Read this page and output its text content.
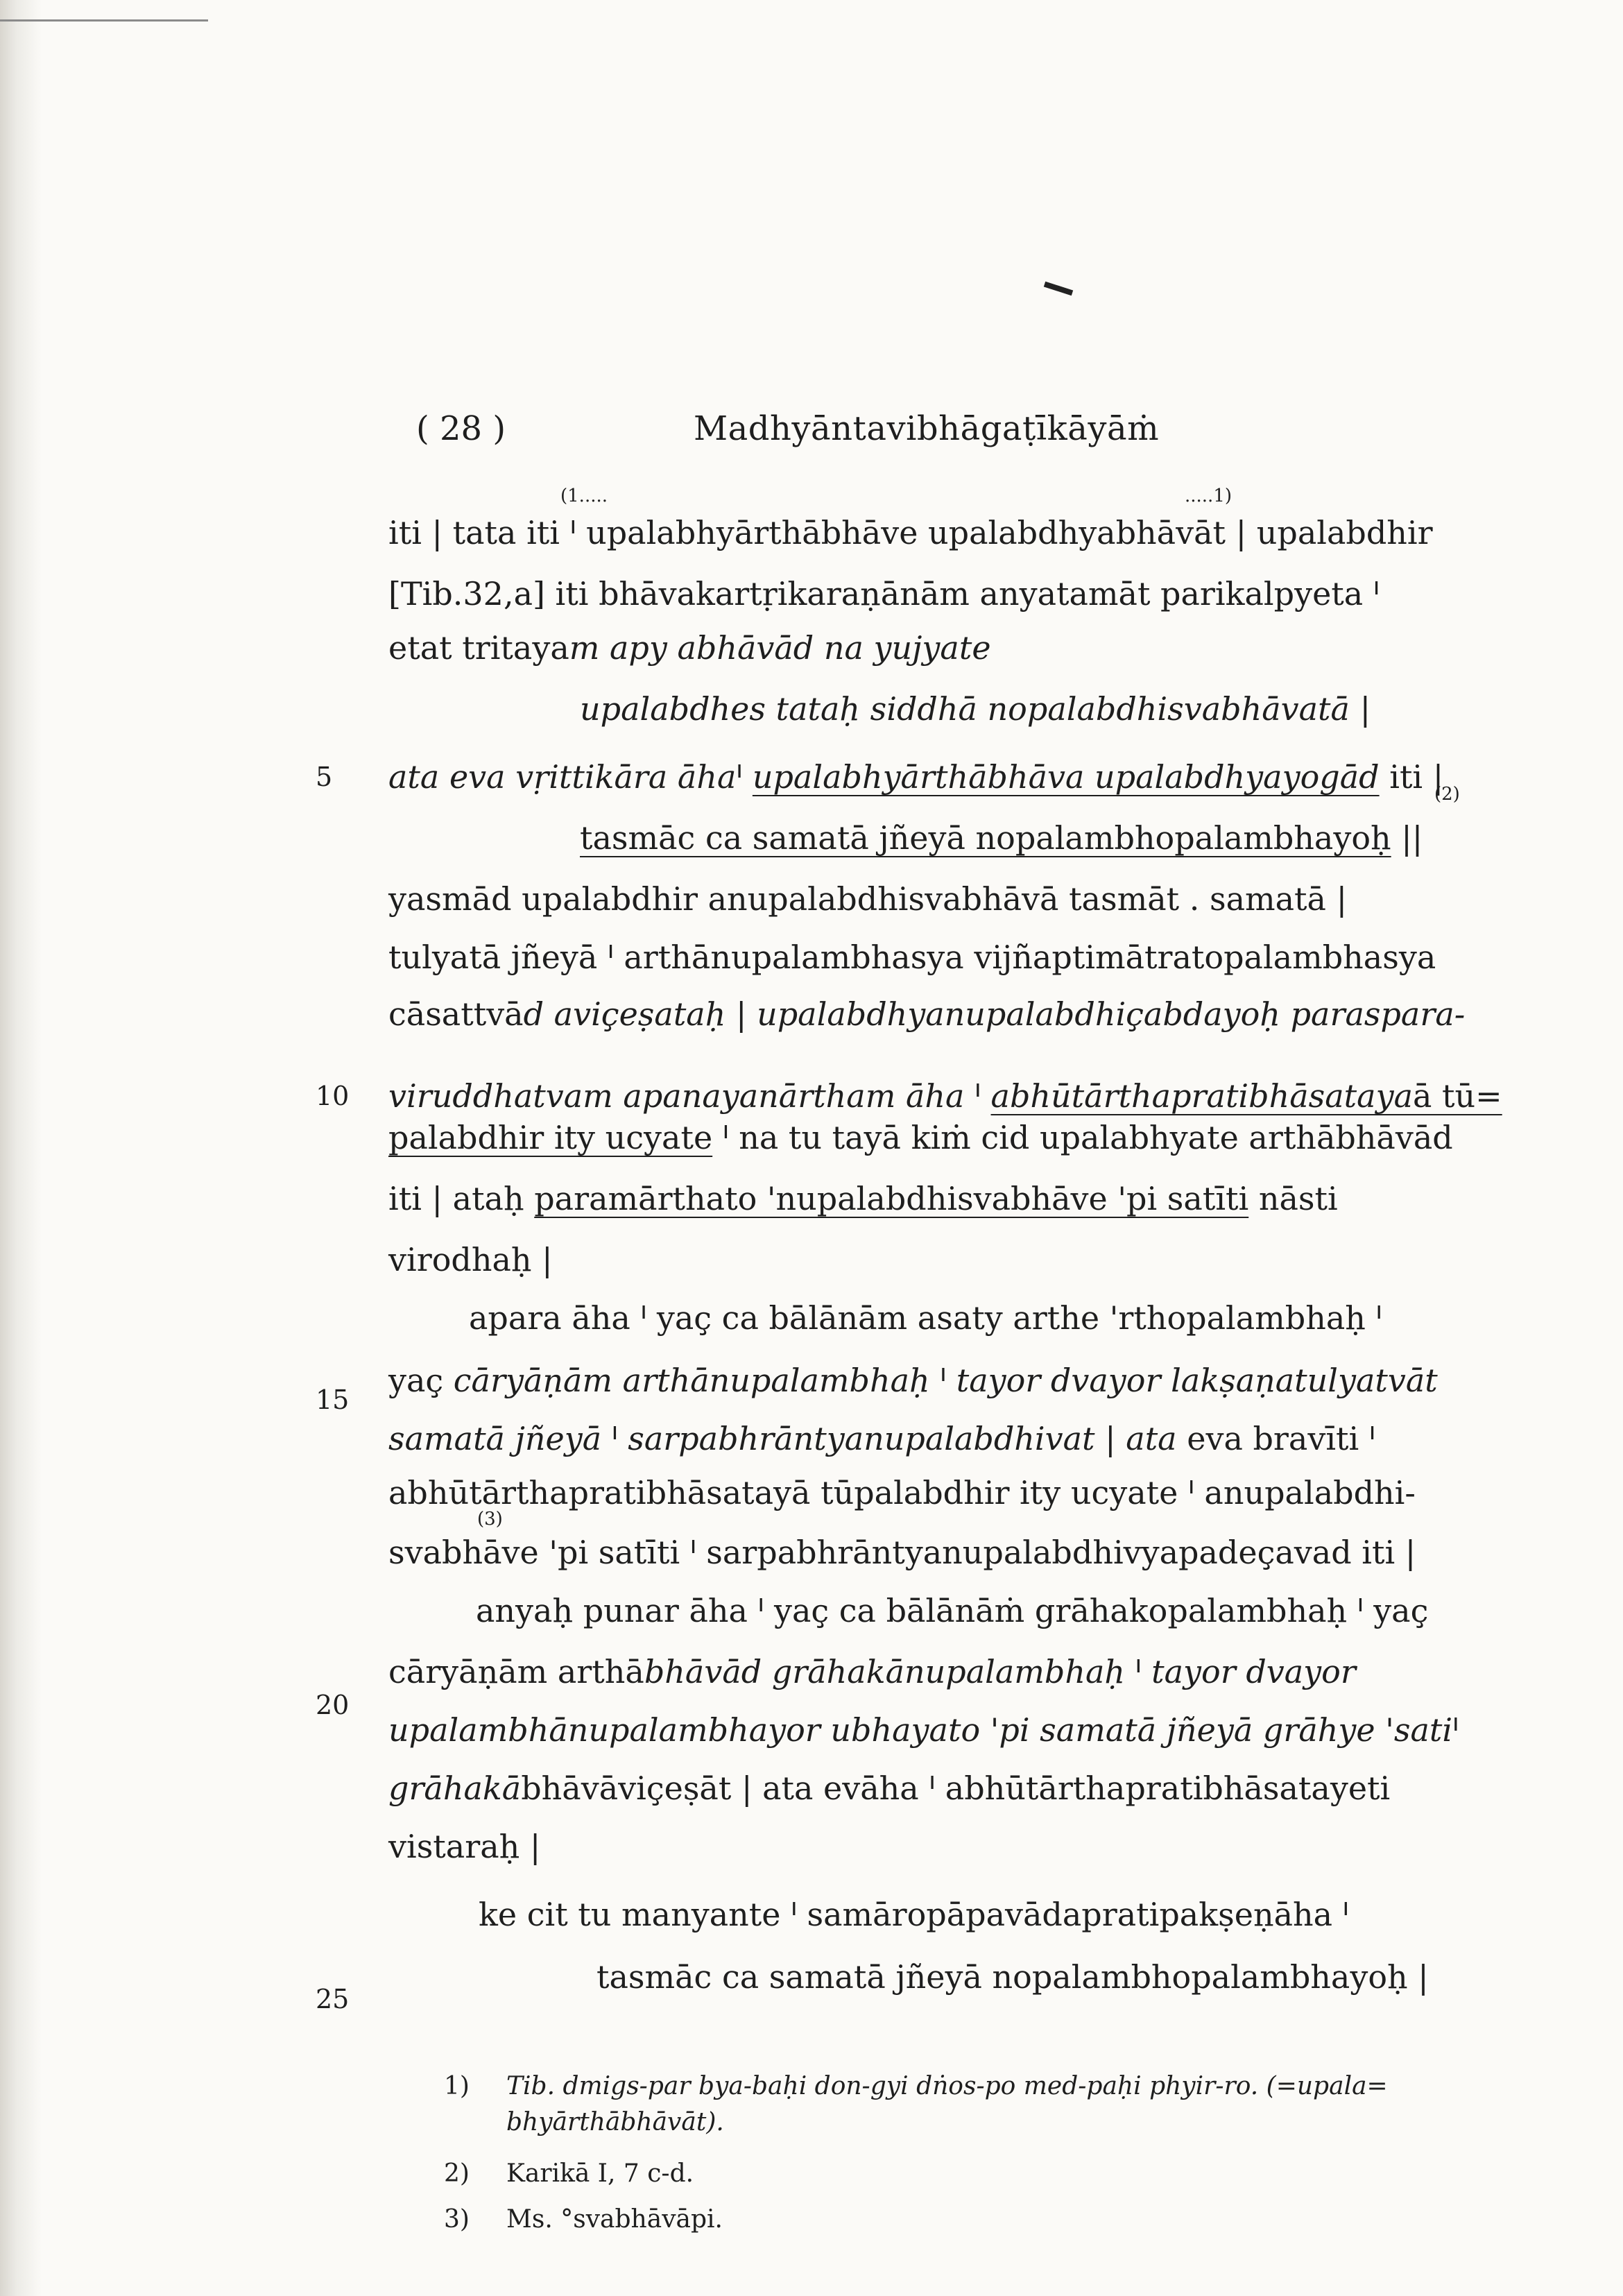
( 28 )	Madhyāntavibhāgaṭīkāyāṁ
(1.....	.....1)
(2)
(3)
5
10
15
20
25
iti | tata iti ᑊ upalabhyārthābhāve upalabdhyabhāvāt | upalabdhir
[Tib.32,a] iti bhāvakartṛikaraṇānām anyatamāt parikalpyeta ᑊ
etat tritaya m apy abhāvād na yujyate
upalabdhes tataḥ siddhā nopalabdhisvabhāvatā |
ata eva vṛittikāra āhaᑊ upalabhyārthābhāva upalabdhyayogād iti |
tasmāc ca samatā jñeyā nopalambhopalambhayoḥ ||
yasmād upalabdhir anupalabdhisvabhāvā tasmāt . samatā |
tulyatā jñeyā ᑊ arthānupalambhasya vijñaptimātratopalambhasya
cāsattvād aviçeṣataḥ | upalabdhyanupalabdhiçabdayoḥ paraspara-
viruddhatvam apanayanārtham āha ᑊ abhūtārthapratibhāsatayaā tū=
palabdhir ity ucyate ᑊ na tu tayā kiṁ cid upalabhyate arthābhāvād
iti | ataḥ paramārthato 'nupalabdhisvabhāve 'pi satīti nāsti
virodhaḥ |
apara āha ᑊ yaç ca bālānām asaty arthe 'rthopalambhaḥ ᑊ
yaç cāryāṇām arthānupalambhaḥ ᑊ tayor dvayor lakṣaṇatulyatvāt
samatā jñeyā ᑊ sarpabhrāntyanupalabdhivat | ata eva bravīti ᑊ
abhūtārthapratibhāsatayā tūpalabdhir ity ucyate ᑊ anupalabdhi-
svabhāve 'pi satīti ᑊ sarpabhrāntyanupalabdhivyapadeçavad iti |
anyaḥ punar āha ᑊ yaç ca bālānāṁ grāhakopalambhaḥ ᑊ yaç
cāryāṇām arthābhāvād grāhakānupalambhaḥ ᑊ tayor dvayor
upalambhānupalambhayor ubhayato 'pi samatā jñeyā grāhye 'satiᑊ
grāhakābhāvāviçeṣāt | ata evāha ᑊ abhūtārthapratibhāsatayeti
vistaraḥ |
ke cit tu manyante ᑊ samāropāpavādapratipakṣeṇāha ᑊ
tasmāc ca samatā jñeyā nopalambhopalambhayoḥ |
1) Tib. dmigs-par bya-baḥi don-gyi dṅos-po med-paḥi phyir-ro. (=upala=
bhyārthābhāvāt).
2) Karikā I, 7 c-d.
3) Ms. °svabhāvāpi.
